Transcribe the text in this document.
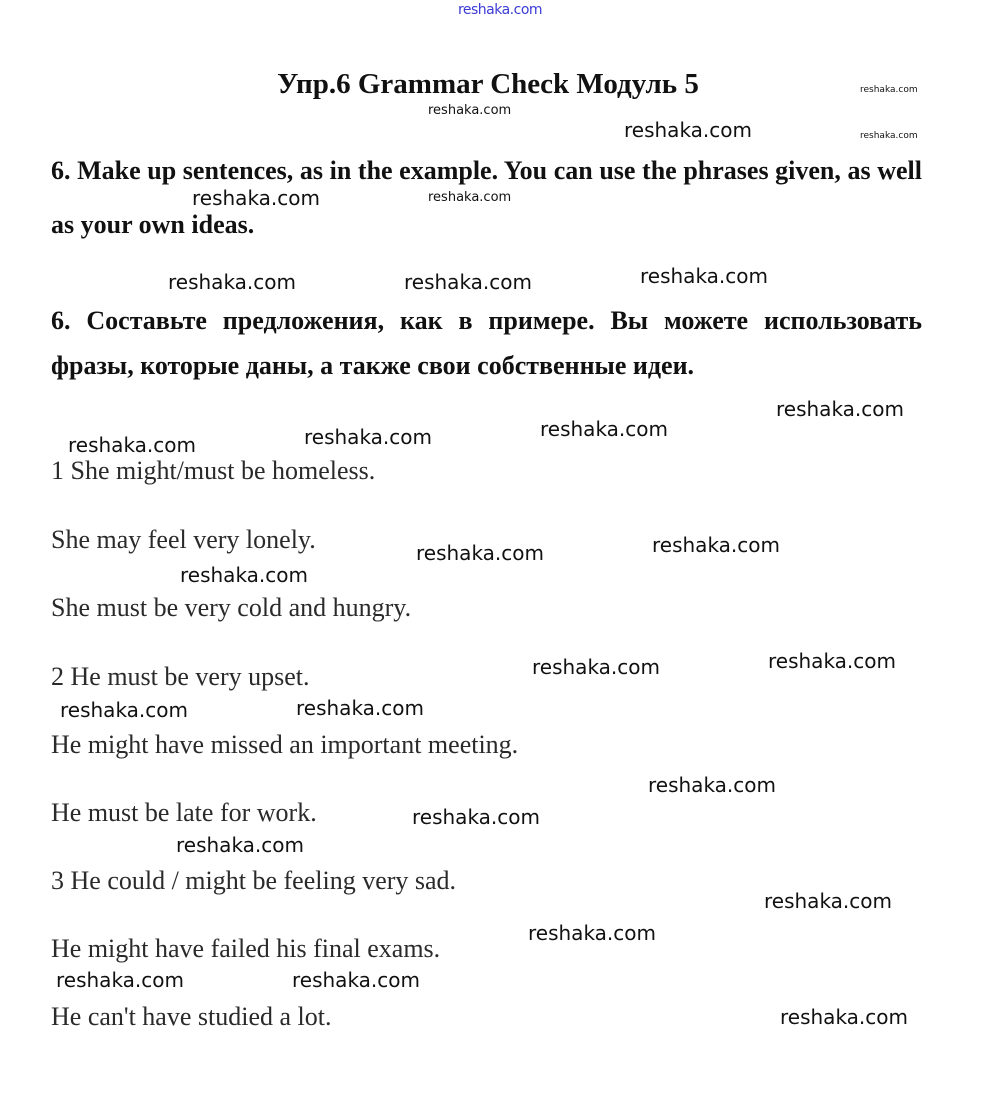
reshaka.com
Упр.6 Grammar Check Модуль 5
6. Make up sentences, as in the example. You can use the phrases given, as well as your own ideas.
6. Составьте предложения, как в примере. Вы можете использовать фразы, которые даны, а также свои собственные идеи.
1 She might/must be homeless.
She may feel very lonely.
She must be very cold and hungry.
2 He must be very upset.
He might have missed an important meeting.
He must be late for work.
3 He could / might be feeling very sad.
He might have failed his final exams.
He can't have studied a lot.
reshaka.com
reshaka.com
reshaka.com
reshaka.com
reshaka.com	reshaka.com
reshaka.com	reshaka.com	reshaka.com
reshaka.com
reshaka.com	reshaka.com	reshaka.com
reshaka.com	reshaka.com
reshaka.com
reshaka.com	reshaka.com
reshaka.com
reshaka.com
reshaka.com
reshaka.com
reshaka.com
reshaka.com
reshaka.com
reshaka.com	reshaka.com
reshaka.com
